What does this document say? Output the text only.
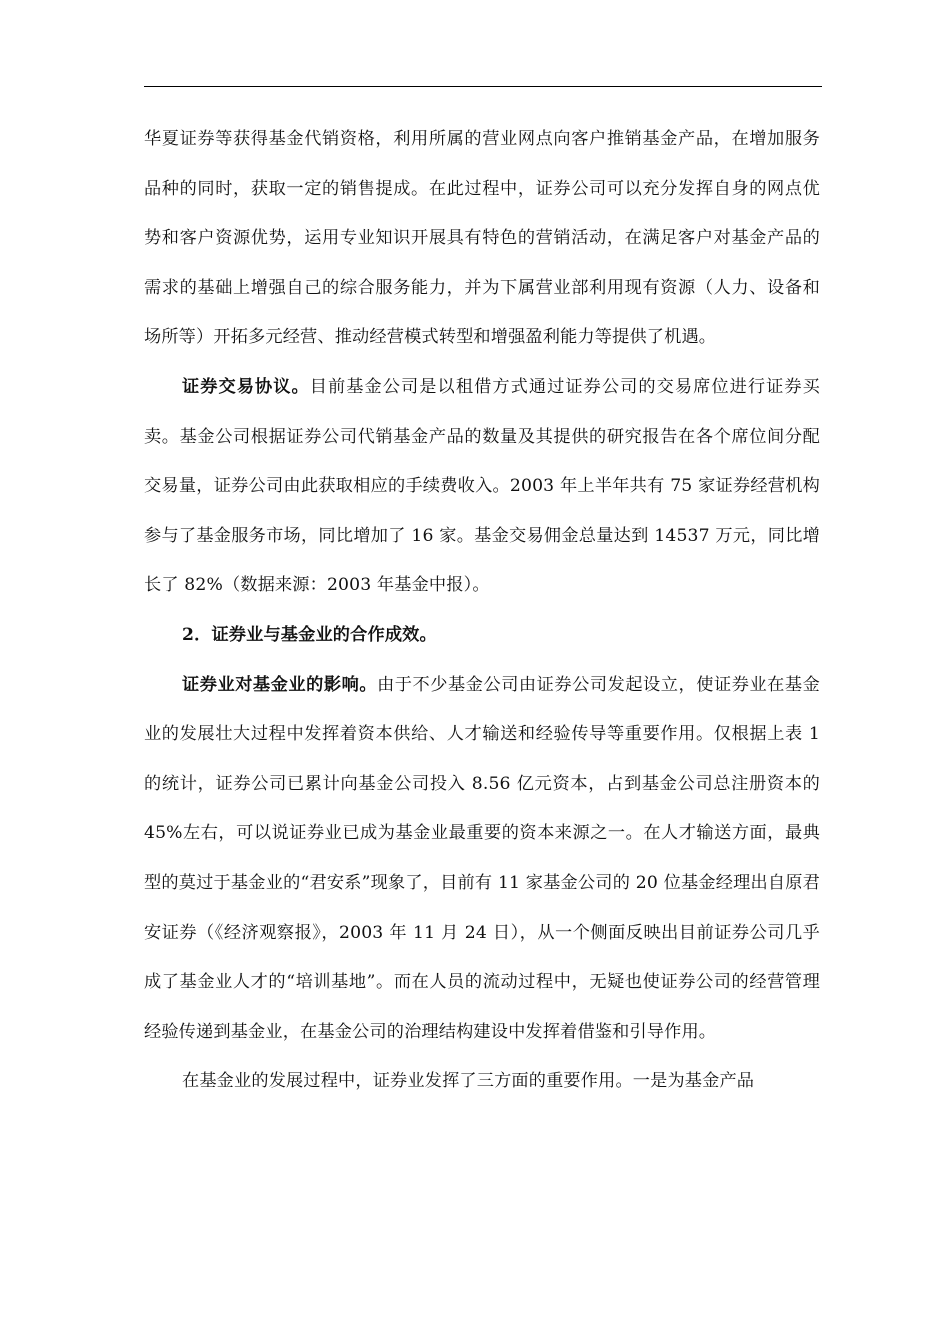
华夏证券等获得基金代销资格，利用所属的营业网点向客户推销基金产品，在增加服务品种的同时，获取一定的销售提成。在此过程中，证券公司可以充分发挥自身的网点优势和客户资源优势，运用专业知识开展具有特色的营销活动，在满足客户对基金产品的需求的基础上增强自己的综合服务能力，并为下属营业部利用现有资源（人力、设备和场所等）开拓多元经营、推动经营模式转型和增强盈利能力等提供了机遇。

证券交易协议。目前基金公司是以租借方式通过证券公司的交易席位进行证券买卖。基金公司根据证券公司代销基金产品的数量及其提供的研究报告在各个席位间分配交易量，证券公司由此获取相应的手续费收入。2003 年上半年共有 75 家证券经营机构参与了基金服务市场，同比增加了 16 家。基金交易佣金总量达到 14537 万元，同比增长了 82%（数据来源：2003 年基金中报）。

2．证券业与基金业的合作成效。

证券业对基金业的影响。由于不少基金公司由证券公司发起设立，使证券业在基金业的发展壮大过程中发挥着资本供给、人才输送和经验传导等重要作用。仅根据上表 1 的统计，证券公司已累计向基金公司投入 8.56 亿元资本，占到基金公司总注册资本的 45%左右，可以说证券业已成为基金业最重要的资本来源之一。在人才输送方面，最典型的莫过于基金业的“君安系”现象了，目前有 11 家基金公司的 20 位基金经理出自原君安证券（《经济观察报》，2003 年 11 月 24 日），从一个侧面反映出目前证券公司几乎成了基金业人才的“培训基地”。而在人员的流动过程中，无疑也使证券公司的经营管理经验传递到基金业，在基金公司的治理结构建设中发挥着借鉴和引导作用。

在基金业的发展过程中，证券业发挥了三方面的重要作用。一是为基金产品
